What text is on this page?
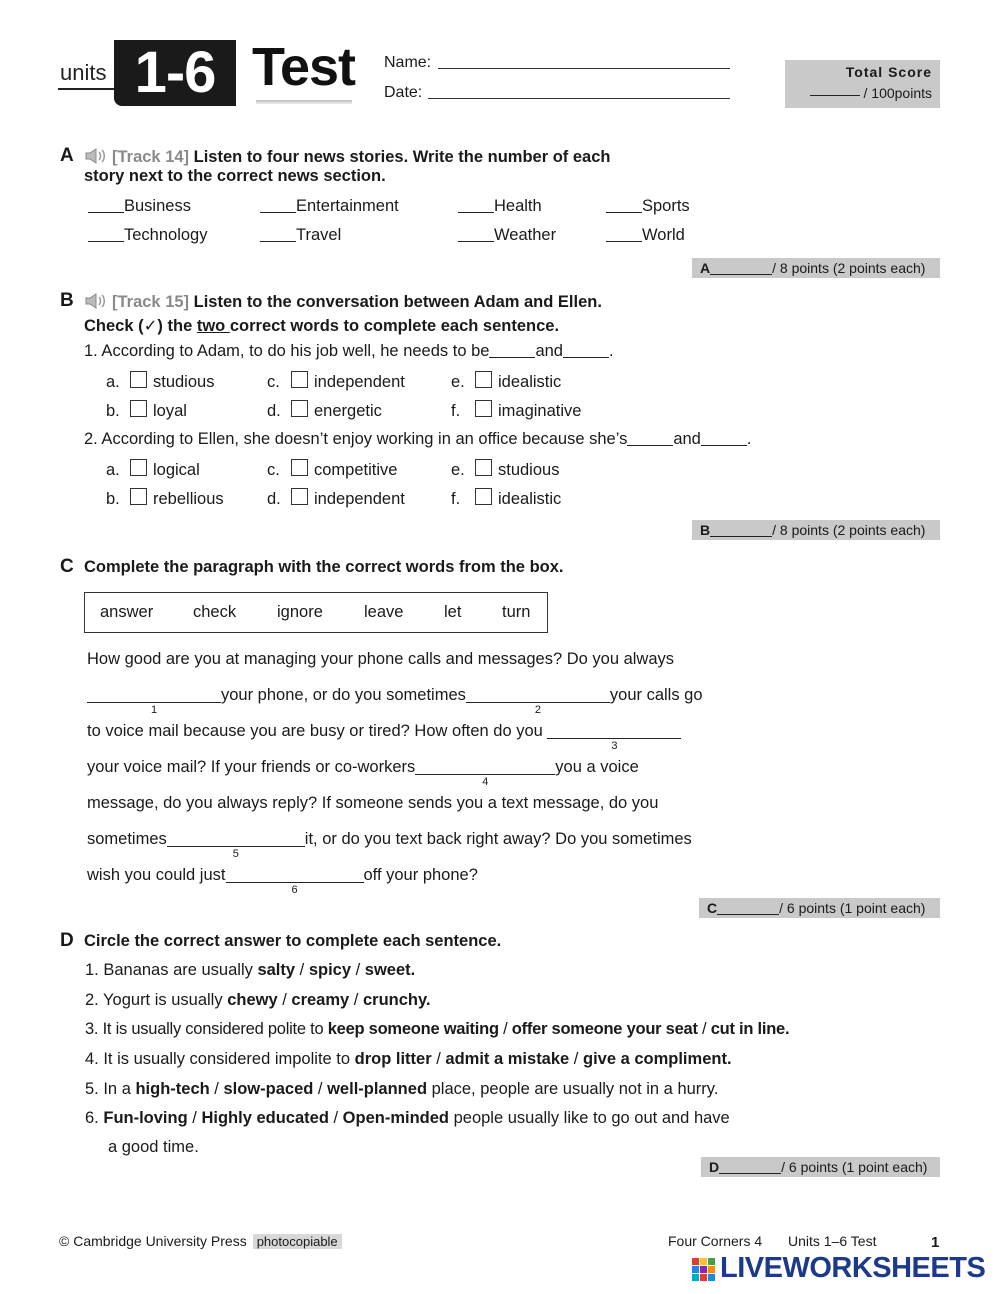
units 1-6 Test Name:
Date:
Total Score
/ 100points
A	[Track 14] Listen to four news stories. Write the number of each
story next to the correct news section.
Business	Entertainment	Health	Sports
Technology	Travel	Weather	World
A	/ 8 points (2 points each)
B	[Track 15] Listen to the conversation between Adam and Ellen.
Check (✓) the two correct words to complete each sentence.
1. According to Adam, to do his job well, he needs to be	and	.
a. studious	c. independent	e. idealistic
b. loyal	d. energetic	f. imaginative
2. According to Ellen, she doesn’t enjoy working in an office because she’s	and	.
a. logical	c. competitive	e. studious
b. rebellious	d. independent	f. idealistic
B	/ 8 points (2 points each)
C Complete the paragraph with the correct words from the box.
answer check ignore leave let turn
How good are you at managing your phone calls and messages? Do you always
1
your phone, or do you sometimes
2
your calls go
to voice mail because you are busy or tired? How often do you
3
your voice mail? If your friends or co-workers
4
you a voice
message, do you always reply? If someone sends you a text message, do you
sometimes
5
it, or do you text back right away? Do you sometimes
wish you could just
6
off your phone?
C	/ 6 points (1 point each)
D Circle the correct answer to complete each sentence.
1. Bananas are usually salty / spicy / sweet.
2. Yogurt is usually chewy / creamy / crunchy.
3. It is usually considered polite to keep someone waiting / offer someone your seat / cut in line.
4. It is usually considered impolite to drop litter / admit a mistake / give a compliment.
5. In a high-tech / slow-paced / well-planned place, people are usually not in a hurry.
6. Fun-loving / Highly educated / Open-minded people usually like to go out and have
a good time.
D	/ 6 points (1 point each)
© Cambridge University Press photocopiable	Four Corners 4 Units 1–6 Test	1
LIVEWORKSHEETS
